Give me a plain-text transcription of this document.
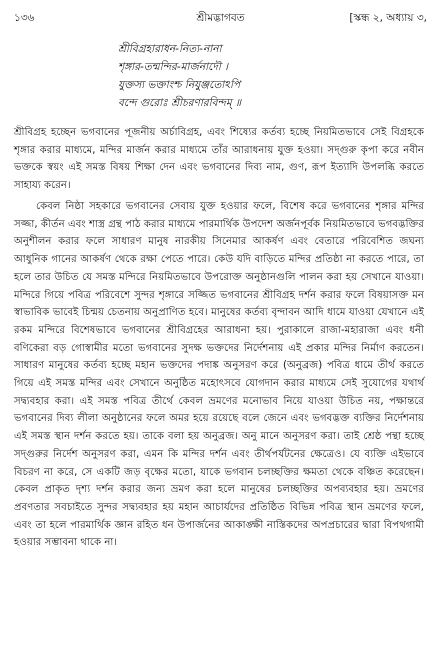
১৩৬	শ্রীমদ্ভাগবত	[স্কন্ধ ২, অধ্যায় ৩,
শ্রীবিগ্রহারাধন-নিত্য-নানা
শৃঙ্গার-তন্মন্দির-মার্জনাদৌ ।
যুক্তস্য ভক্তাংশ্চ নিযুঞ্জতোঽপি
বন্দে গুরোঃ শ্রীচরণারবিন্দম্ ॥

শ্রীবিগ্রহ হচ্ছেন ভগবানের পূজনীয় অর্চাবিগ্রহ, এবং শিষ্যের কর্তব্য হচ্ছে নিয়মিতভাবে সেই বিগ্রহকে শৃঙ্গার করার মাধ্যমে, মন্দির মার্জন করার মাধ্যমে তাঁর আরাধনায় যুক্ত হওয়া। সদ্গুরু কৃপা করে নবীন ভক্তকে স্বয়ং এই সমস্ত বিষয় শিক্ষা দেন এবং ভগবানের দিব্য নাম, গুণ, রূপ ইত্যাদি উপলব্ধি করতে সাহায্য করেন।

কেবল নিষ্ঠা সহকারে ভগবানের সেবায় যুক্ত হওয়ার ফলে, বিশেষ করে ভগবানের শৃঙ্গার মন্দির সজ্জা, কীর্তন এবং শাস্ত্র গ্রন্থ পাঠ করার মাধ্যমে পারমার্থিক উপদেশ অর্জনপূর্বক নিয়মিতভাবে ভগবদ্ভক্তির অনুশীলন করার ফলে সাধারণ মানুষ নারকীয় সিনেমার আকর্ষণ এবং বেতারে পরিবেশিত জঘন্য আধুনিক গানের আকর্ষণ থেকে রক্ষা পেতে পারে। কেউ যদি বাড়িতে মন্দির প্রতিষ্ঠা না করতে পারে, তা হলে তার উচিত যে সমস্ত মন্দিরে নিয়মিতভাবে উপরোক্ত অনুষ্ঠানগুলি পালন করা হয় সেখানে যাওয়া। মন্দিরে গিয়ে পবিত্র পরিবেশে সুন্দর শৃঙ্গারে সজ্জিত ভগবানের শ্রীবিগ্রহ দর্শন করার ফলে বিষয়াসক্ত মন স্বাভাবিক ভাবেই চিন্ময় চেতনায় অনুপ্রাণিত হবে। মানুষের কর্তব্য বৃন্দাবন আদি ধামে যাওয়া যেখানে এই রকম মন্দিরে বিশেষভাবে ভগবানের শ্রীবিগ্রহের আরাধনা হয়। পুরাকালে রাজা-মহারাজা এবং ধনী বণিকেরা বড় গোস্বামীর মতো ভগবানের সুদক্ষ ভক্তদের নির্দেশনায় এই প্রকার মন্দির নির্মাণ করতেন। সাধারণ মানুষের কর্তব্য হচ্ছে মহান ভক্তদের পদাঙ্ক অনুসরণ করে (অনুব্রজ) পবিত্র ধামে তীর্থ করতে গিয়ে এই সমস্ত মন্দির এবং সেখানে অনুষ্ঠিত মহোৎসবে যোগদান করার মাধ্যমে সেই সুযোগের যথার্থ সদ্ব্যবহার করা। এই সমস্ত পবিত্র তীর্থে কেবল ভ্রমণের মনোভাব নিয়ে যাওয়া উচিত নয়, পক্ষান্তরে ভগবানের দিব্য লীলা অনুষ্ঠানের ফলে অমর হয়ে রয়েছে বলে জেনে এবং ভগবদ্ভক্ত ব্যক্তির নির্দেশনায় এই সমস্ত স্থান দর্শন করতে হয়। তাকে বলা হয় অনুব্রজ। অনু মানে অনুসরণ করা। তাই শ্রেষ্ঠ পন্থা হচ্ছে সদ্গুরুর নির্দেশ অনুসরণ করা, এমন কি মন্দির দর্শন এবং তীর্থপর্যটনের ক্ষেত্রেও। যে ব্যক্তি এইভাবে বিচরণ না করে, সে একটি জড় বৃক্ষের মতো, যাকে ভগবান চলচ্ছক্তির ক্ষমতা থেকে বঞ্চিত করেছেন। কেবল প্রাকৃত দৃশ্য দর্শন করার জন্য ভ্রমণ করা হলে মানুষের চলচ্ছক্তির অপব্যবহার হয়। ভ্রমণের প্রবণতার সবচাইতে সুন্দর সদ্ব্যবহার হয় মহান আচার্যদের প্রতিষ্ঠিত বিভিন্ন পবিত্র স্থান ভ্রমণের ফলে, এবং তা হলে পারমার্থিক জ্ঞান রহিত ধন উপার্জনের আকাঙ্ক্ষী নাস্তিকদের অপপ্রচারের দ্বারা বিপথগামী হওয়ার সম্ভাবনা থাকে না।
